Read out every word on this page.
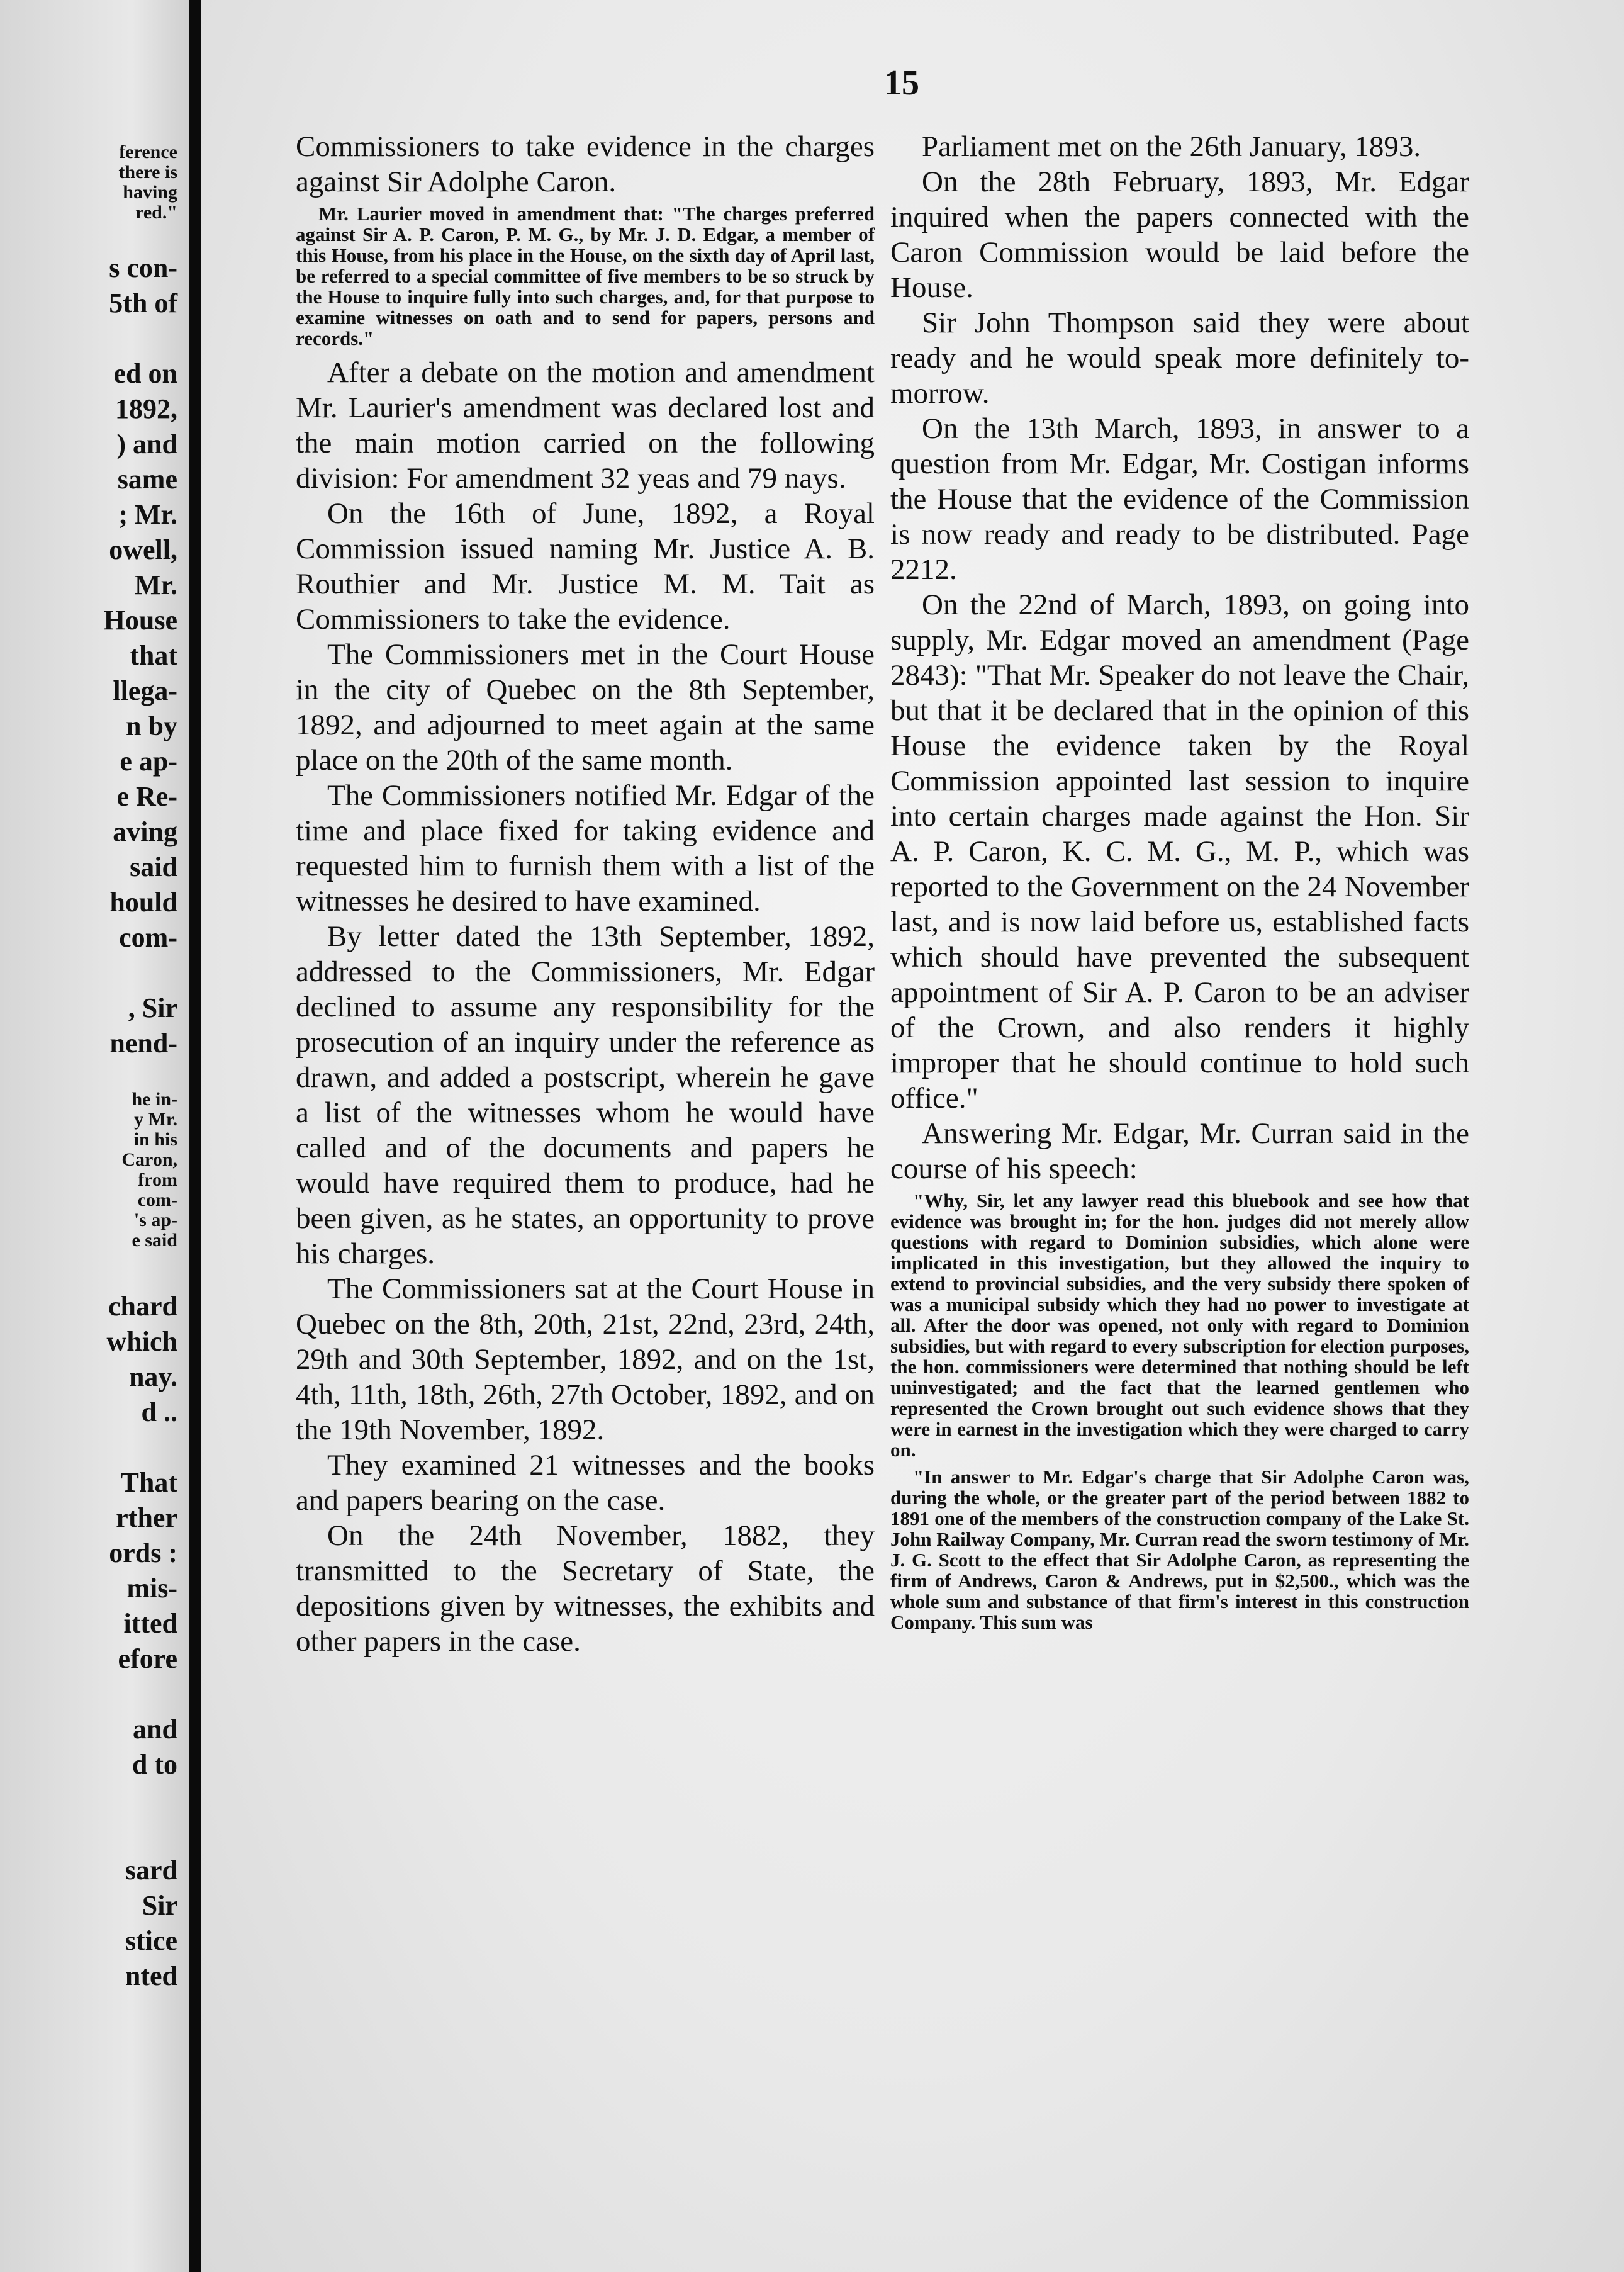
ference
there is
having
red."
s con-
5th of
ed on
1892,
) and
same
; Mr.
owell,
Mr.
House
that
llega-
n by
e ap-
e Re-
aving
said
hould
com-
, Sir
nend-
he in-
y Mr.
in his
Caron,
from
com-
's ap-
e said
chard
which
nay.
d ..
That
rther
ords :
mis-
itted
efore
and
d to
sard
Sir
stice
nted
15

Commissioners to take evidence in the charges against Sir Adolphe Caron.

Mr. Laurier moved in amendment that: "The charges preferred against Sir A. P. Caron, P. M. G., by Mr. J. D. Edgar, a member of this House, from his place in the House, on the sixth day of April last, be referred to a special committee of five members to be so struck by the House to inquire fully into such charges, and, for that purpose to examine witnesses on oath and to send for papers, persons and records."

After a debate on the motion and amendment Mr. Laurier's amendment was declared lost and the main motion carried on the following division: For amendment 32 yeas and 79 nays.

On the 16th of June, 1892, a Royal Commission issued naming Mr. Justice A. B. Routhier and Mr. Justice M. M. Tait as Commissioners to take the evidence.

The Commissioners met in the Court House in the city of Quebec on the 8th September, 1892, and adjourned to meet again at the same place on the 20th of the same month.

The Commissioners notified Mr. Edgar of the time and place fixed for taking evidence and requested him to furnish them with a list of the witnesses he desired to have examined.

By letter dated the 13th September, 1892, addressed to the Commissioners, Mr. Edgar declined to assume any responsibility for the prosecution of an inquiry under the reference as drawn, and added a postscript, wherein he gave a list of the witnesses whom he would have called and of the documents and papers he would have required them to produce, had he been given, as he states, an opportunity to prove his charges.

The Commissioners sat at the Court House in Quebec on the 8th, 20th, 21st, 22nd, 23rd, 24th, 29th and 30th September, 1892, and on the 1st, 4th, 11th, 18th, 26th, 27th October, 1892, and on the 19th November, 1892.

They examined 21 witnesses and the books and papers bearing on the case.

On the 24th November, 1882, they transmitted to the Secretary of State, the depositions given by witnesses, the exhibits and other papers in the case.

Parliament met on the 26th January, 1893.

On the 28th February, 1893, Mr. Edgar inquired when the papers connected with the Caron Commission would be laid before the House.

Sir John Thompson said they were about ready and he would speak more definitely to-morrow.

On the 13th March, 1893, in answer to a question from Mr. Edgar, Mr. Costigan informs the House that the evidence of the Commission is now ready and ready to be distributed. Page 2212.

On the 22nd of March, 1893, on going into supply, Mr. Edgar moved an amendment (Page 2843): "That Mr. Speaker do not leave the Chair, but that it be declared that in the opinion of this House the evidence taken by the Royal Commission appointed last session to inquire into certain charges made against the Hon. Sir A. P. Caron, K. C. M. G., M. P., which was reported to the Government on the 24 November last, and is now laid before us, established facts which should have prevented the subsequent appointment of Sir A. P. Caron to be an adviser of the Crown, and also renders it highly improper that he should continue to hold such office."

Answering Mr. Edgar, Mr. Curran said in the course of his speech:

"Why, Sir, let any lawyer read this bluebook and see how that evidence was brought in; for the hon. judges did not merely allow questions with regard to Dominion subsidies, which alone were implicated in this investigation, but they allowed the inquiry to extend to provincial subsidies, and the very subsidy there spoken of was a municipal subsidy which they had no power to investigate at all. After the door was opened, not only with regard to Dominion subsidies, but with regard to every subscription for election purposes, the hon. commissioners were determined that nothing should be left uninvestigated; and the fact that the learned gentlemen who represented the Crown brought out such evidence shows that they were in earnest in the investigation which they were charged to carry on.

"In answer to Mr. Edgar's charge that Sir Adolphe Caron was, during the whole, or the greater part of the period between 1882 to 1891 one of the members of the construction company of the Lake St. John Railway Company, Mr. Curran read the sworn testimony of Mr. J. G. Scott to the effect that Sir Adolphe Caron, as representing the firm of Andrews, Caron & Andrews, put in $2,500., which was the whole sum and substance of that firm's interest in this construction Company. This sum was
